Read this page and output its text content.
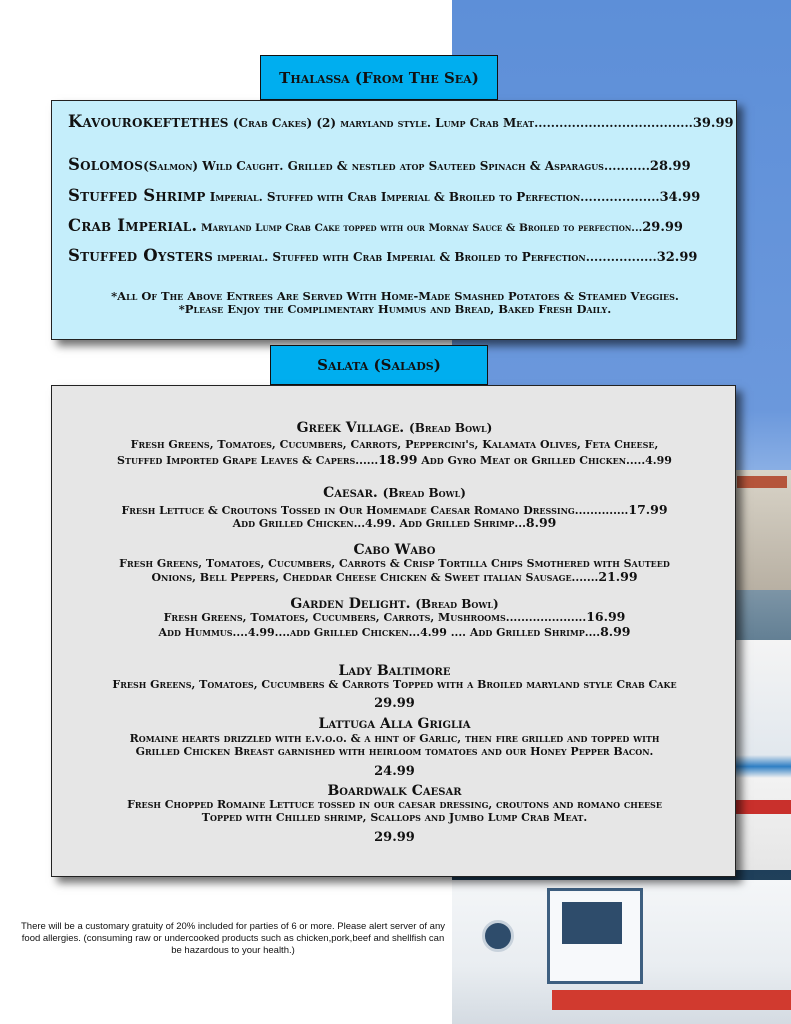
Thalassa (From The Sea)
Kavourokeftethes (Crab Cakes) (2) maryland style. Lump Crab Meat......................................39.99
Solomos(Salmon) Wild Caught. Grilled & nestled atop Sauteed Spinach & Asparagus...........28.99
Stuffed Shrimp Imperial. Stuffed with Crab Imperial & Broiled to Perfection...................34.99
Crab Imperial. Maryland Lump Crab Cake topped with our Mornay Sauce & Broiled to perfection...29.99
Stuffed Oysters imperial. Stuffed with Crab Imperial & Broiled to Perfection.................32.99
*All Of The Above Entrees Are Served With Home-Made Smashed Potatoes & Steamed Veggies.
*Please Enjoy the Complimentary Hummus and Bread, Baked Fresh Daily.
Salata (Salads)
Greek Village. (Bread Bowl)
Fresh Greens, Tomatoes, Cucumbers, Carrots, Peppercini's, Kalamata Olives, Feta Cheese,
Stuffed Imported Grape Leaves & Capers......18.99 Add Gyro Meat or Grilled Chicken.....4.99
Caesar. (Bread Bowl)
Fresh Lettuce & Croutons Tossed in Our Homemade Caesar Romano Dressing..............17.99
Add Grilled Chicken...4.99. Add Grilled Shrimp...8.99
Cabo Wabo
Fresh Greens, Tomatoes, Cucumbers, Carrots & Crisp Tortilla Chips Smothered with Sauteed
Onions, Bell Peppers, Cheddar Cheese Chicken & Sweet italian Sausage.......21.99
Garden Delight. (Bread Bowl)
Fresh Greens, Tomatoes, Cucumbers, Carrots, Mushrooms.....................16.99
Add Hummus....4.99....add Grilled Chicken...4.99 .... Add Grilled Shrimp....8.99
Lady Baltimore
Fresh Greens, Tomatoes, Cucumbers & Carrots Topped with a Broiled maryland style Crab Cake
29.99
Lattuga Alla Griglia
Romaine hearts drizzled with e.v.o.o. & a hint of Garlic, then fire grilled and topped with
Grilled Chicken Breast garnished with heirloom tomatoes and our Honey Pepper Bacon.
24.99
Boardwalk Caesar
Fresh Chopped Romaine Lettuce tossed in our caesar dressing, croutons and romano cheese
Topped with Chilled shrimp, Scallops and Jumbo Lump Crab Meat.
29.99
There will be a customary gratuity of 20% included for parties of 6 or more. Please alert server of any food allergies. (consuming raw or undercooked products such as chicken,pork,beef and shellfish can be hazardous to your health.)
